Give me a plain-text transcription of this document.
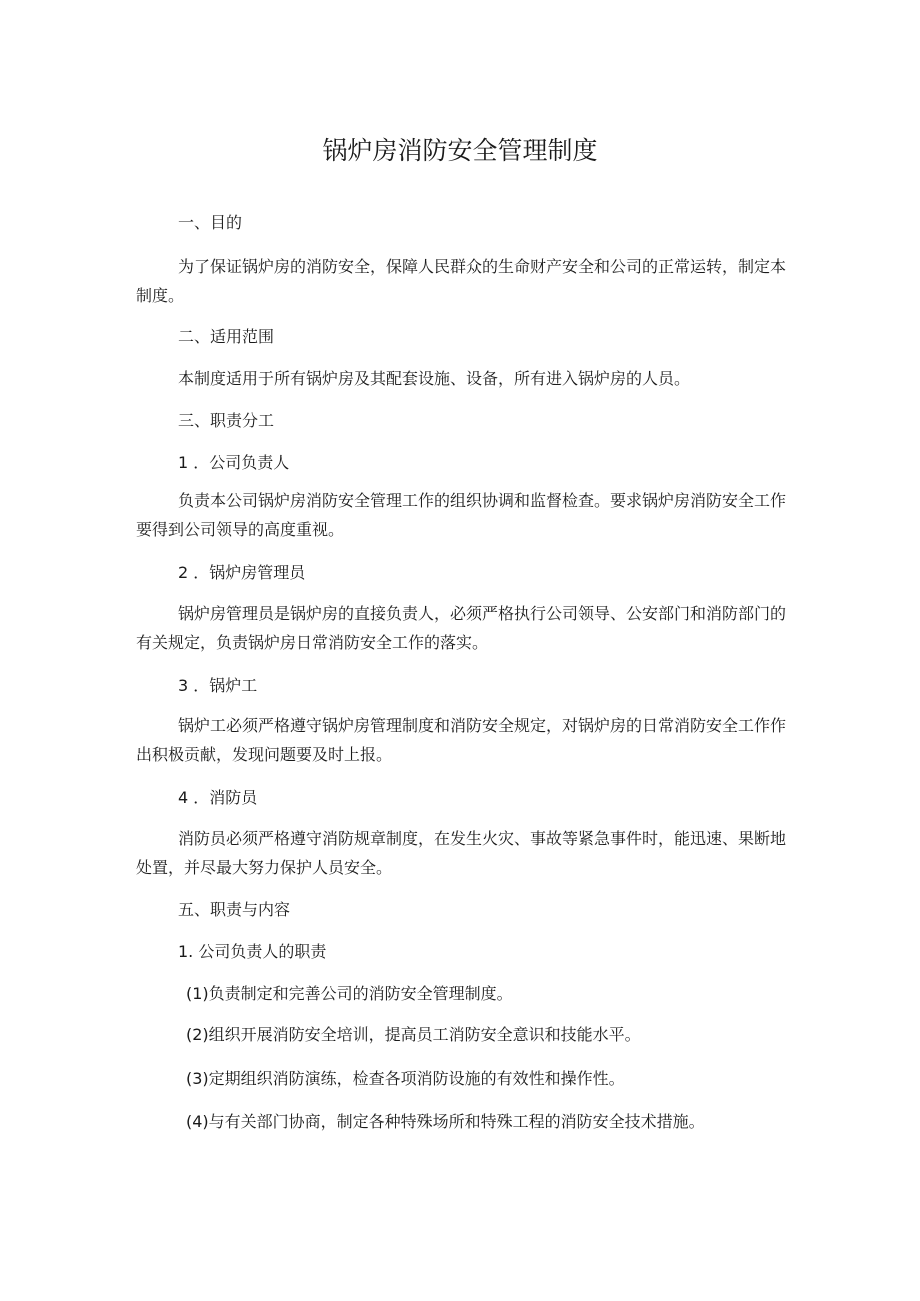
锅炉房消防安全管理制度
一、目的
为了保证锅炉房的消防安全，保障人民群众的生命财产安全和公司的正常运转，制定本制度。
二、适用范围
本制度适用于所有锅炉房及其配套设施、设备，所有进入锅炉房的人员。
三、职责分工
1 ．公司负责人
负责本公司锅炉房消防安全管理工作的组织协调和监督检查。要求锅炉房消防安全工作要得到公司领导的高度重视。
2 ．锅炉房管理员
锅炉房管理员是锅炉房的直接负责人，必须严格执行公司领导、公安部门和消防部门的有关规定，负责锅炉房日常消防安全工作的落实。
3 ．锅炉工
锅炉工必须严格遵守锅炉房管理制度和消防安全规定，对锅炉房的日常消防安全工作作出积极贡献，发现问题要及时上报。
4 ．消防员
消防员必须严格遵守消防规章制度，在发生火灾、事故等紧急事件时，能迅速、果断地处置，并尽最大努力保护人员安全。
五、职责与内容
1. 公司负责人的职责
(1)负责制定和完善公司的消防安全管理制度。
(2)组织开展消防安全培训，提高员工消防安全意识和技能水平。
(3)定期组织消防演练，检查各项消防设施的有效性和操作性。
(4)与有关部门协商，制定各种特殊场所和特殊工程的消防安全技术措施。
